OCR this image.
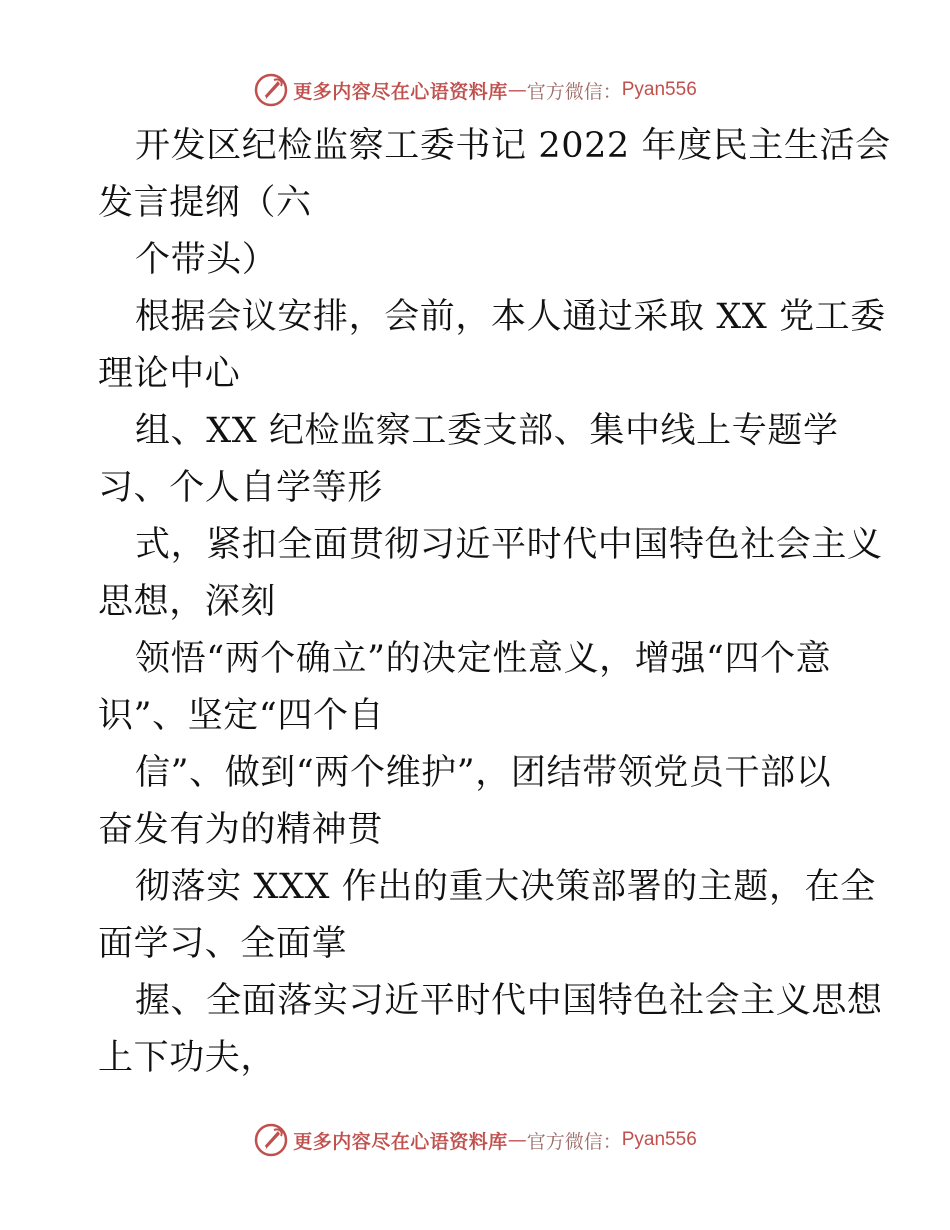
更多内容尽在心语资料库 — 官方微信： Pyan556
开发区纪检监察工委书记 2022 年度民主生活会
发言提纲（六
个带头）
根据会议安排，会前，本人通过采取 XX 党工委
理论中心
组、XX 纪检监察工委支部、集中线上专题学
习、个人自学等形
式，紧扣全面贯彻习近平时代中国特色社会主义
思想，深刻
领悟“两个确立”的决定性意义，增强“四个意
识”、坚定“四个自
信”、做到“两个维护”，团结带领党员干部以
奋发有为的精神贯
彻落实 XXX 作出的重大决策部署的主题，在全
面学习、全面掌
握、全面落实习近平时代中国特色社会主义思想
上下功夫，
更多内容尽在心语资料库 — 官方微信： Pyan556
